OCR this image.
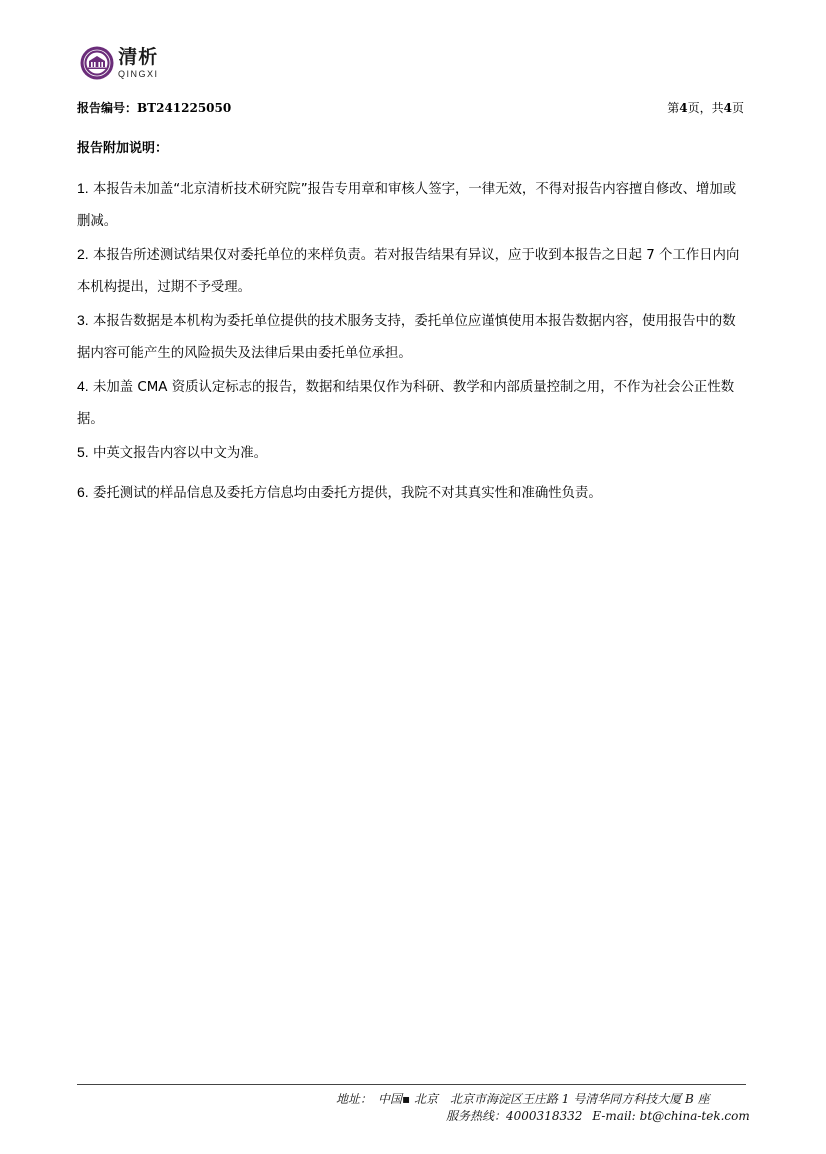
清析
QINGXI
报告编号：BT241225050	第4页，共4页
报告附加说明：
1. 本报告未加盖“北京清析技术研究院”报告专用章和审核人签字，一律无效，不得对报告内容擅自修改、增加或删减。
2. 本报告所述测试结果仅对委托单位的来样负责。若对报告结果有异议，应于收到本报告之日起 7 个工作日内向本机构提出，过期不予受理。
3. 本报告数据是本机构为委托单位提供的技术服务支持，委托单位应谨慎使用本报告数据内容，使用报告中的数据内容可能产生的风险损失及法律后果由委托单位承担。
4. 未加盖 CMA 资质认定标志的报告，数据和结果仅作为科研、教学和内部质量控制之用，不作为社会公正性数据。
5. 中英文报告内容以中文为准。
6. 委托测试的样品信息及委托方信息均由委托方提供，我院不对其真实性和准确性负责。
地址： 中国▪ 北京 北京市海淀区王庄路 1 号清华同方科技大厦 B 座
服务热线：4000318332 E-mail: bt@china-tek.com
